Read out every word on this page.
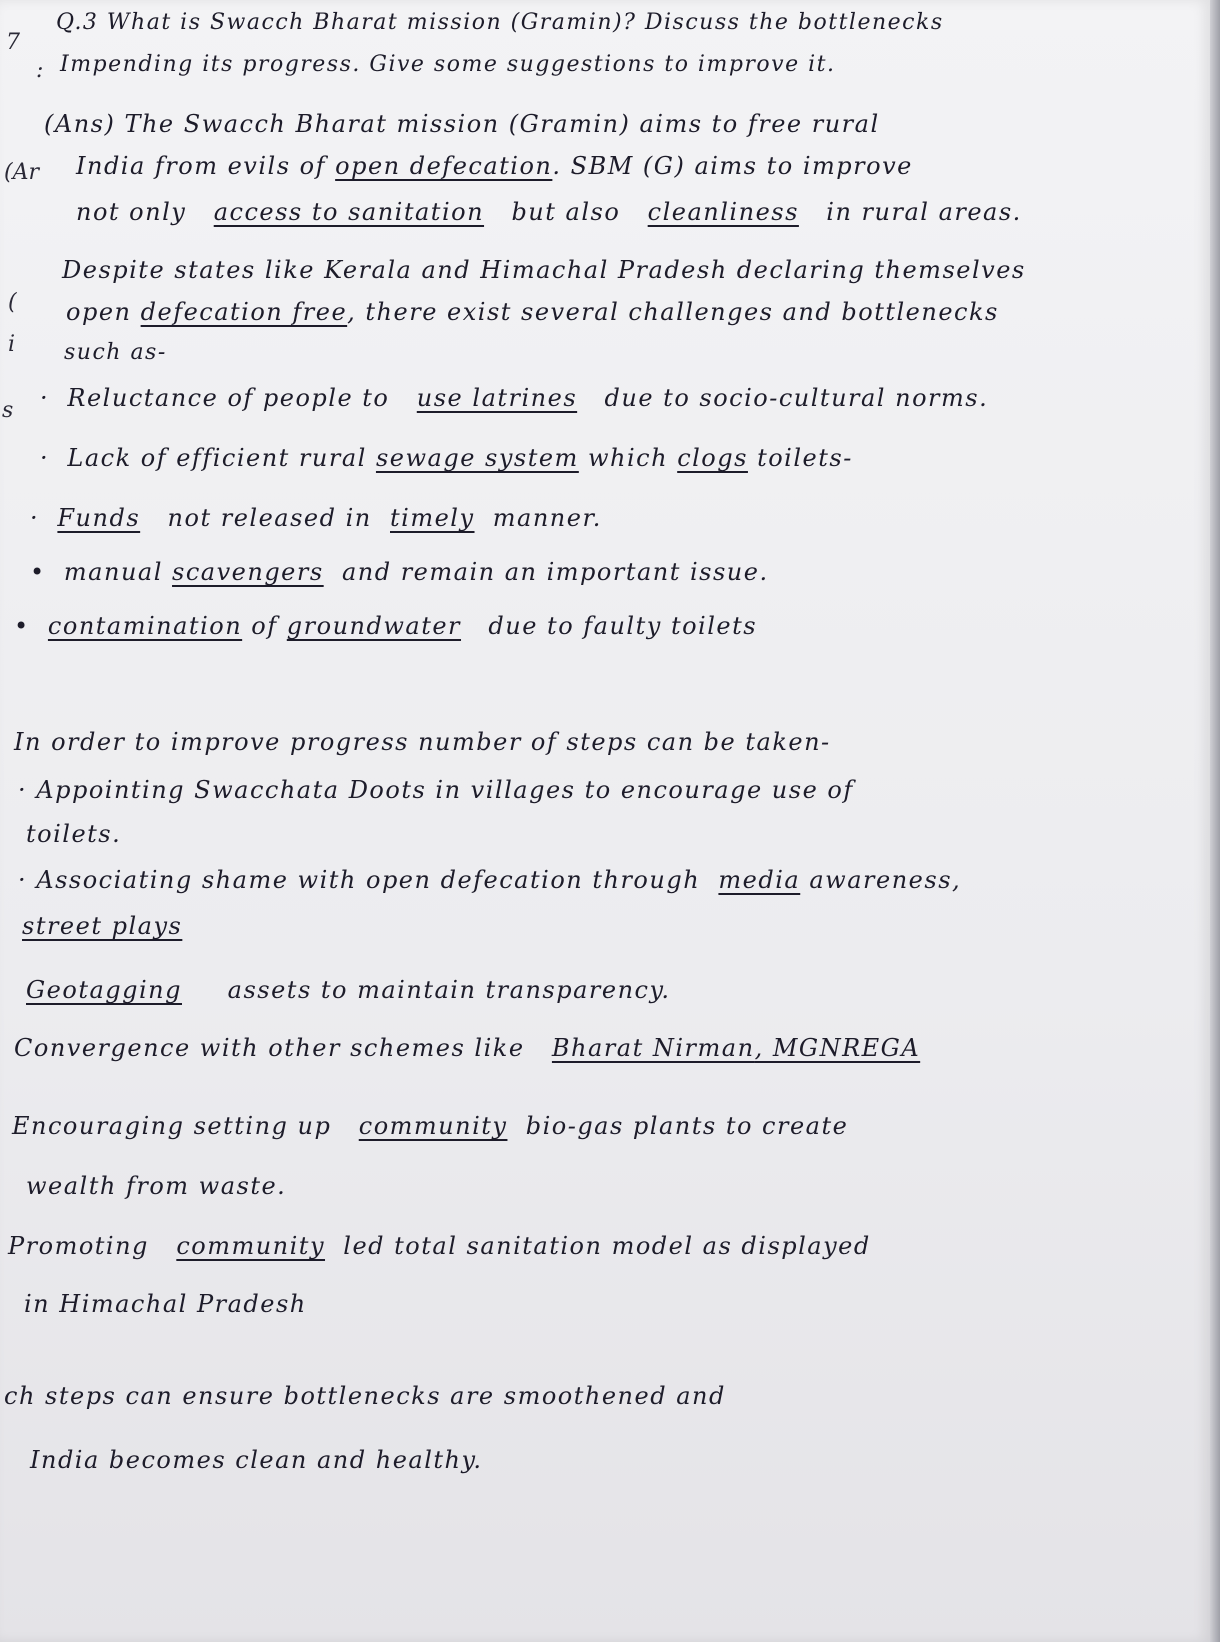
7
:
(Ar
(
i
s
Q.3 What is Swacch Bharat mission (Gramin)? Discuss the bottlenecks
Impending its progress. Give some suggestions to improve it.
(Ans) The Swacch Bharat mission (Gramin) aims to free rural
India from evils of open defecation. SBM (G) aims to improve
not only access to sanitation but also cleanliness in rural areas.
Despite states like Kerala and Himachal Pradesh declaring themselves
open defecation free, there exist several challenges and bottlenecks
such as-
· Reluctance of people to use latrines due to socio-cultural norms.
· Lack of efficient rural sewage system which clogs toilets-
· Funds not released in timely manner.
• manual scavengers and remain an important issue.
• contamination of groundwater due to faulty toilets
In order to improve progress number of steps can be taken-
· Appointing Swacchata Doots in villages to encourage use of
toilets.
· Associating shame with open defecation through media awareness,
street plays
Geotagging assets to maintain transparency.
Convergence with other schemes like Bharat Nirman, MGNREGA
Encouraging setting up community bio-gas plants to create
wealth from waste.
Promoting community led total sanitation model as displayed
in Himachal Pradesh
ch steps can ensure bottlenecks are smoothened and
India becomes clean and healthy.
